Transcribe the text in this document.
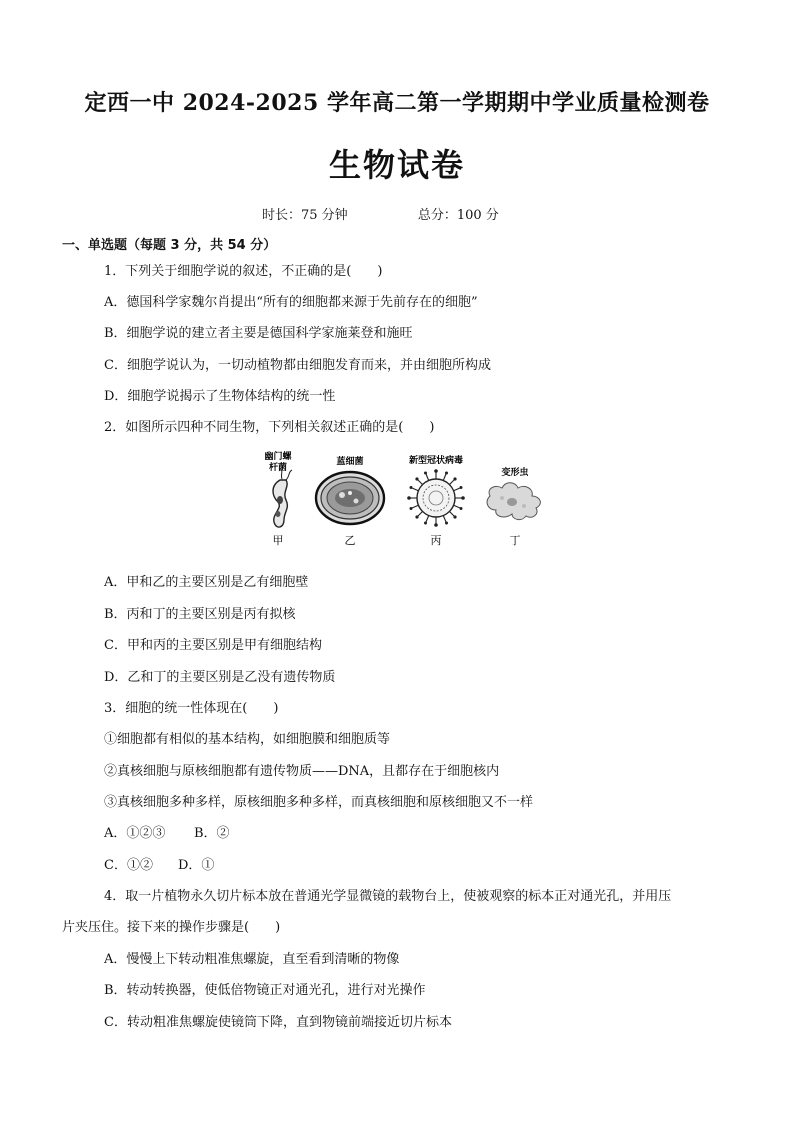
定西一中 2024-2025 学年高二第一学期期中学业质量检测卷
生物试卷
时长：75 分钟	总分：100 分
一、单选题（每题 3 分，共 54 分）
1．下列关于细胞学说的叙述，不正确的是(　　)
A．德国科学家魏尔肖提出“所有的细胞都来源于先前存在的细胞”
B．细胞学说的建立者主要是德国科学家施莱登和施旺
C．细胞学说认为，一切动植物都由细胞发育而来，并由细胞所构成
D．细胞学说揭示了生物体结构的统一性
2．如图所示四种不同生物，下列相关叙述正确的是(　　)
幽门螺
杆菌
蓝细菌	新型冠状病毒
变形虫
甲	乙	丙	丁
A．甲和乙的主要区别是乙有细胞壁
B．丙和丁的主要区别是丙有拟核
C．甲和丙的主要区别是甲有细胞结构
D．乙和丁的主要区别是乙没有遗传物质
3．细胞的统一性体现在(　　)
①细胞都有相似的基本结构，如细胞膜和细胞质等
②真核细胞与原核细胞都有遗传物质——DNA，且都存在于细胞核内
③真核细胞多种多样，原核细胞多种多样，而真核细胞和原核细胞又不一样
A．①②③ B．②
C．①② D．①
4．取一片植物永久切片标本放在普通光学显微镜的载物台上，使被观察的标本正对通光孔，并用压
片夹压住。接下来的操作步骤是(　　)
A．慢慢上下转动粗准焦螺旋，直至看到清晰的物像
B．转动转换器，使低倍物镜正对通光孔，进行对光操作
C．转动粗准焦螺旋使镜筒下降，直到物镜前端接近切片标本
